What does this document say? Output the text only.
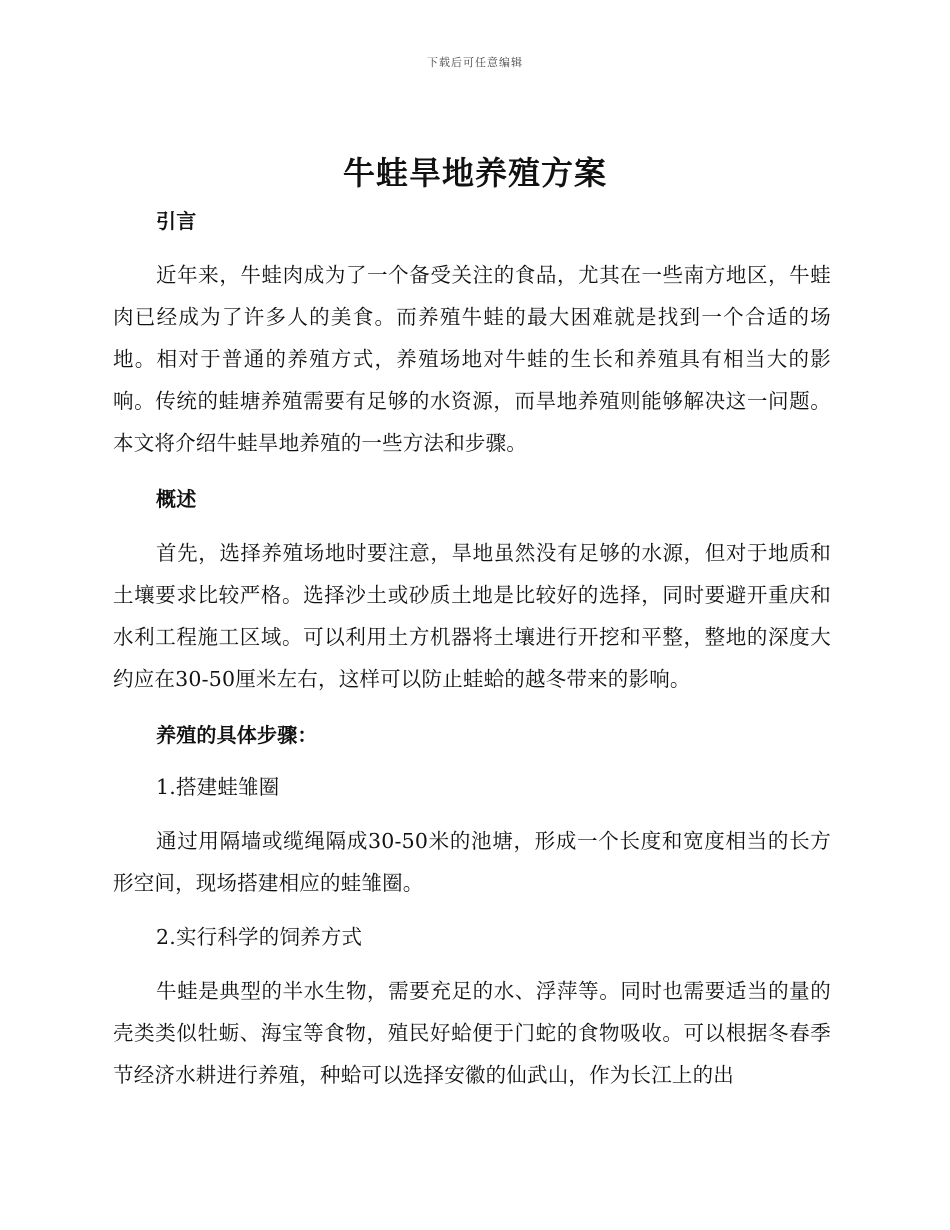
下载后可任意编辑
牛蛙旱地养殖方案
引言

近年来，牛蛙肉成为了一个备受关注的食品，尤其在一些南方地区，牛蛙肉已经成为了许多人的美食。而养殖牛蛙的最大困难就是找到一个合适的场地。相对于普通的养殖方式，养殖场地对牛蛙的生长和养殖具有相当大的影响。传统的蛙塘养殖需要有足够的水资源，而旱地养殖则能够解决这一问题。本文将介绍牛蛙旱地养殖的一些方法和步骤。

概述

首先，选择养殖场地时要注意，旱地虽然没有足够的水源，但对于地质和土壤要求比较严格。选择沙土或砂质土地是比较好的选择，同时要避开重庆和水利工程施工区域。可以利用土方机器将土壤进行开挖和平整，整地的深度大约应在30-50厘米左右，这样可以防止蛙蛤的越冬带来的影响。

养殖的具体步骤：

1.搭建蛙雏圈

通过用隔墙或缆绳隔成30-50米的池塘，形成一个长度和宽度相当的长方形空间，现场搭建相应的蛙雏圈。

2.实行科学的饲养方式

牛蛙是典型的半水生物，需要充足的水、浮萍等。同时也需要适当的量的壳类类似牡蛎、海宝等食物，殖民好蛤便于门蛇的食物吸收。可以根据冬春季节经济水耕进行养殖，种蛤可以选择安徽的仙武山，作为长江上的出
